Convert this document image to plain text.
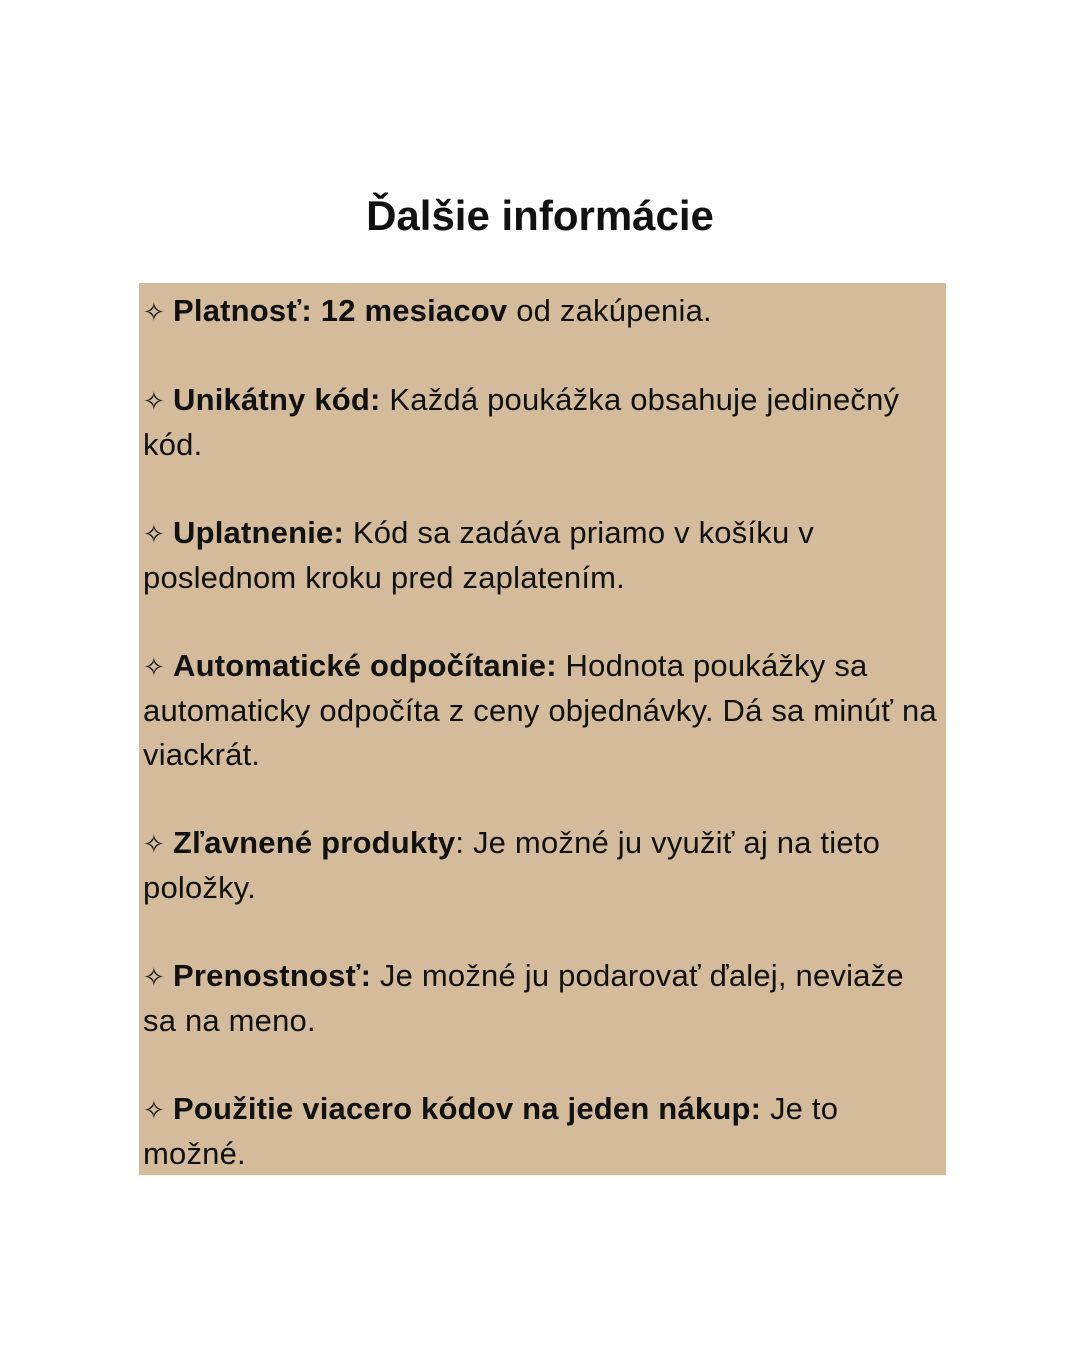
Ďalšie informácie

✧ Platnosť: 12 mesiacov od zakúpenia.

✧ Unikátny kód: Každá poukážka obsahuje jedinečný kód.

✧ Uplatnenie: Kód sa zadáva priamo v košíku v poslednom kroku pred zaplatením.

✧ Automatické odpočítanie: Hodnota poukážky sa automaticky odpočíta z ceny objednávky. Dá sa minúť na viackrát.

✧ Zľavnené produkty: Je možné ju využiť aj na tieto položky.

✧ Prenostnosť: Je možné ju podarovať ďalej, neviaže sa na meno.

✧ Použitie viacero kódov na jeden nákup: Je to možné.
